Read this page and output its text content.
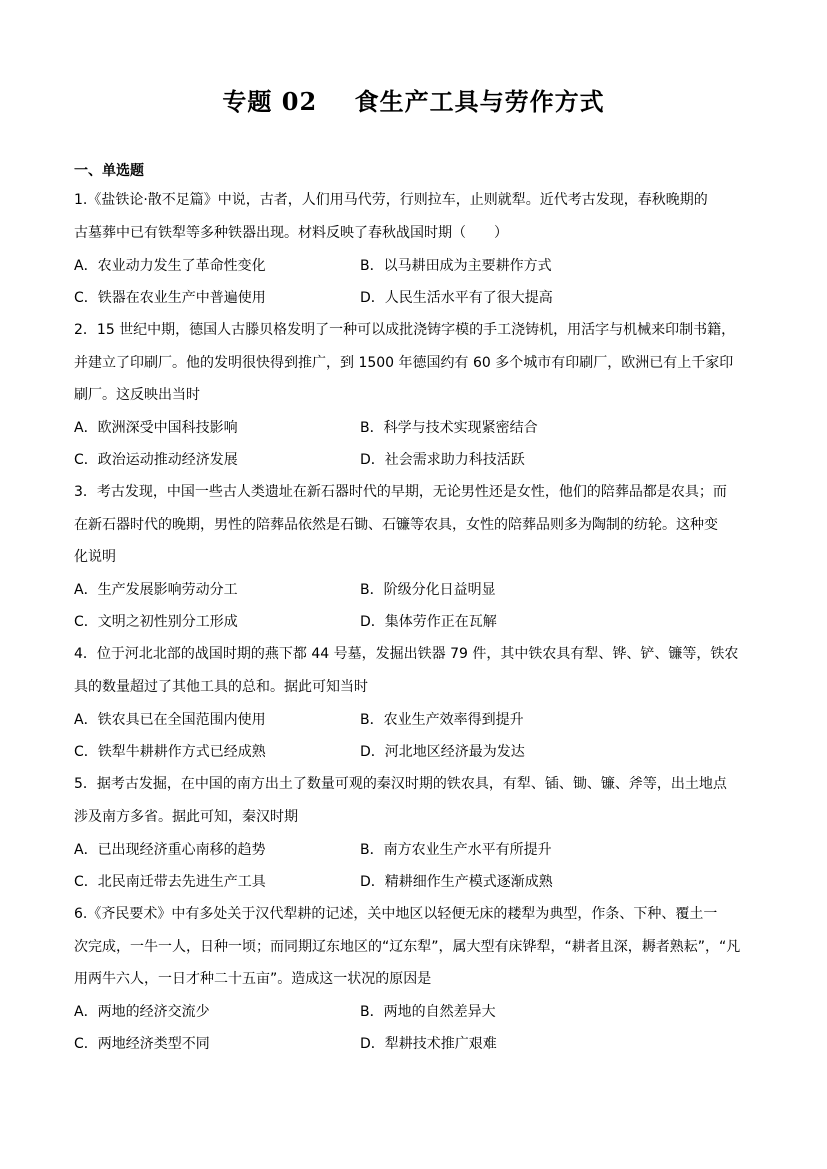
专题 02    食生产工具与劳作方式
一、单选题

1.《盐铁论·散不足篇》中说，古者，人们用马代劳，行则拉车，止则就犁。近代考古发现，春秋晚期的

古墓葬中已有铁犁等多种铁器出现。材料反映了春秋战国时期（　　）

A．农业动力发生了革命性变化	B．以马耕田成为主要耕作方式
C．铁器在农业生产中普遍使用	D．人民生活水平有了很大提高

2．15 世纪中期，德国人古滕贝格发明了一种可以成批浇铸字模的手工浇铸机，用活字与机械来印制书籍，

并建立了印刷厂。他的发明很快得到推广，到 1500 年德国约有 60 多个城市有印刷厂，欧洲已有上千家印

刷厂。这反映出当时

A．欧洲深受中国科技影响	B．科学与技术实现紧密结合
C．政治运动推动经济发展	D．社会需求助力科技活跃

3．考古发现，中国一些古人类遗址在新石器时代的早期，无论男性还是女性，他们的陪葬品都是农具；而

在新石器时代的晚期，男性的陪葬品依然是石锄、石镰等农具，女性的陪葬品则多为陶制的纺轮。这种变

化说明

A．生产发展影响劳动分工	B．阶级分化日益明显
C．文明之初性别分工形成	D．集体劳作正在瓦解

4．位于河北北部的战国时期的燕下都 44 号墓，发掘出铁器 79 件，其中铁农具有犁、铧、铲、镰等，铁农

具的数量超过了其他工具的总和。据此可知当时

A．铁农具已在全国范围内使用	B．农业生产效率得到提升
C．铁犁牛耕耕作方式已经成熟	D．河北地区经济最为发达

5．据考古发掘，在中国的南方出土了数量可观的秦汉时期的铁农具，有犁、锸、锄、镰、斧等，出土地点

涉及南方多省。据此可知，秦汉时期

A．已出现经济重心南移的趋势	B．南方农业生产水平有所提升
C．北民南迁带去先进生产工具	D．精耕细作生产模式逐渐成熟

6.《齐民要术》中有多处关于汉代犁耕的记述，关中地区以轻便无床的耧犁为典型，作条、下种、覆土一

次完成，一牛一人，日种一顷；而同期辽东地区的“辽东犁”，属大型有床铧犁，“耕者且深，耨者熟耘”，“凡

用两牛六人，一日才种二十五亩”。造成这一状况的原因是

A．两地的经济交流少	B．两地的自然差异大
C．两地经济类型不同	D．犁耕技术推广艰难
